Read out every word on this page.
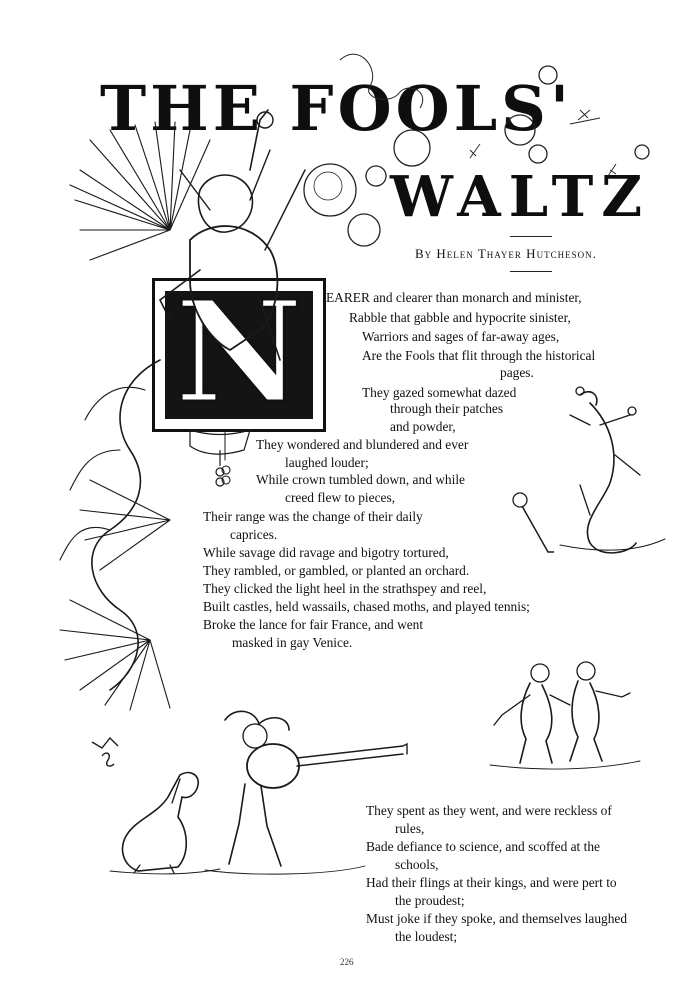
THE FOOLS'
WALTZ
By Helen Thayer Hutcheson.
N EARER and clearer than monarch and minister,
Rabble that gabble and hypocrite sinister,
Warriors and sages of far-away ages,
Are the Fools that flit through the historical
pages.
They gazed somewhat dazed
through their patches
and powder,
They wondered and blundered and ever
laughed louder;
While crown tumbled down, and while
creed flew to pieces,
Their range was the change of their daily
caprices.
While savage did ravage and bigotry tortured,
They rambled, or gambled, or planted an orchard.
They clicked the light heel in the strathspey and reel,
Built castles, held wassails, chased moths, and played tennis;
Broke the lance for fair France, and went
masked in gay Venice.
They spent as they went, and were reckless of
rules,
Bade defiance to science, and scoffed at the
schools,
Had their flings at their kings, and were pert to
the proudest;
Must joke if they spoke, and themselves laughed
the loudest;
226
